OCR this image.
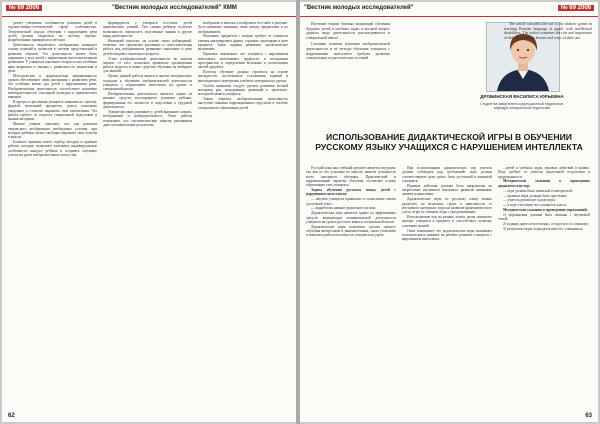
№ 69 2006	"Вестник молодых исследователей" КММ

делает учитывать особенности развития детей в художественно-эстетической сфере особенностях. Теоретический подход обучения с нарушением речи детей должен открыться на систему научно-разработанных принципов и методов.

Деятельность творческого изображения повышает основу понятий и символов в системе представлений и развития образов. Эта деятельность может быть одинаково у всех детей с нормальным интеллектуальным развитием. У учащихся школьного возраста она особенно ярко выражена и связана с развитием их мышления и речи.

Методическая и дидактическая направленность уроков обеспечивает связь рисования с развитием речи, что особенно важно для детей с нарушениями речи. Изобразительная деятельность способствует развитию наблюдательности, сенсорной культуры и практических навыков.

В процессе рисования учащиеся знакомятся с цветом, формой, величиной предметов, учатся описывать увиденное и словесно выражать свои впечатления. Эта работа требует от педагога специальной подготовки и знания методики.

Многие учёные отмечают, что для развития творческого воображения необходимы условия, при которых ребёнок может свободно выражать свои чувства и мысли.

Большое значение имеет подбор методов и приёмов работы, которые позволяют учитывать индивидуальные особенности каждого ребёнка и создавать ситуацию успеха на уроке изобразительного искусства.

формируются у учащихся отсталых детей практических умений. Тем самым ребёнок получает возможность переносить полученные знания в другие виды деятельности.

Немецкий психолог, на основе своих наблюдений, отмечает, что творческое рисование и самостоятельная работа над изображением развивают мышление и речь детей младшего школьного возраста.

Успех изобразительной деятельности во многом зависит от того, насколько правильно организована работа педагога и какие средства обучения он выбирает для занятий.

Целью данной работы является анализ методических подходов к обучению изобразительной деятельности учащихся с нарушением интеллекта на уроках в специальной школе.

Изобразительная деятельность является одним из важных средств всестороннего развития ребёнка, формирования его личности и подготовки к трудовой деятельности.

Умение рисовать развивает у детей внимание, память, воображение и наблюдательность. Опыт работы показывает, что систематические занятия рисованием дают положительные результаты.

вообразить в мыслях и изобразить что-либо в рисунке. Дети начинают понимать связь между предметами и их изображением.

Рисование предметов с натуры требует от учащихся умения анализировать форму, строение, пропорции и цвет предмета. Такие задания развивают аналитическое мышление.

Практика показывает, что учащиеся с нарушением интеллекта испытывают трудности в восприятии пространства, в определении величины и соотношения частей предмета.

Поэтому обучение должно строиться на основе наглядности, постепенного усложнения заданий и многократного повторения учебного материала на уроках.

Особое внимание следует уделять развитию мелкой моторики рук, координации движений и зрительно-моторной памяти учащихся.

Таким образом, изобразительная деятельность выступает важным коррекционным средством в системе специального образования детей.

62
"Вестник молодых исследователей"	№ 69 2006

Изучение теории базовых концепций обучения будущих детей и учебных задач, в которой вопрос данного вида деятельности рассматривается в специальной школе.

Сложные понятия изучения изобразительной деятельности и её методы обучения учащихся с нарушениями интеллекта требуют развития специальных педагогических условий.

ДРОБИНСКАЯ ВАСИЛИСА ЮРЬЕВНА
Студентка факультета коррекционной педагогики, кафедра специальной педагогики

The article considers the use of the didactic games in teaching Russian language at pupils with intellectual disabilities. The author examines the role and importance of didactic games in lessons and ways of their use.

ИСПОЛЬЗОВАНИЕ ДИДАКТИЧЕСКОЙ ИГРЫ В ОБУЧЕНИИ РУССКОМУ ЯЗЫКУ УЧАЩИХСЯ С НАРУШЕНИЕМ ИНТЕЛЛЕКТА

Русский язык как учебный предмет является ведущим, так как от его усвоения во многом зависит успешность всего школьного обучения. Практический и коррекционный характер обучения составляет основу образования этих учащихся.

Задача обучения русскому языку детей с нарушением интеллекта:

— научить учащихся правильно и осмысленно читать доступный текст;

— выработать навыки грамотного письма.

Дидактическая игра является одним из эффективных средств активизации познавательной деятельности учащихся на уроках русского языка в специальной школе.

Дидактические игры позволяют сделать процесс обучения интересным и занимательным, снять утомление и повысить работоспособность учащихся на уроке.

При использовании дидактических игр учитель должен соблюдать ряд требований: игра должна соответствовать цели урока, быть доступной и понятной учащимся.

Игровые действия должны быть направлены на закрепление изученного материала, развитие внимания, памяти и мышления.

Дидактические игры по русскому языку можно разделить на несколько групп в зависимости от изучаемого материала: игры на развитие фонематического слуха, игры со словами, игры с предложениями.

Использование игр на разных этапах урока повышает интерес учащихся к предмету и способствует лучшему усвоению знаний.

Опыт показывает, что дидактические игры оказывают положительное влияние на речевое развитие учащихся с нарушением интеллекта.

...детей и учебных задач, игровых действий и правил. Игра требует от учителя тщательной подготовки и продуманности.

Методические указания к проведению дидактических игр:

— игра должна быть понятной и интересной;

— правила игры должны быть простыми;

— учитель руководит ходом игры;

— в игре участвуют все учащиеся класса.

Методические указания к проведению упражнений:

1) упражнения должны быть связаны с изучаемой темой;

2) задания даются постепенно, от простого к сложному;

3) результаты игры подводятся вместе с учащимися.

63
